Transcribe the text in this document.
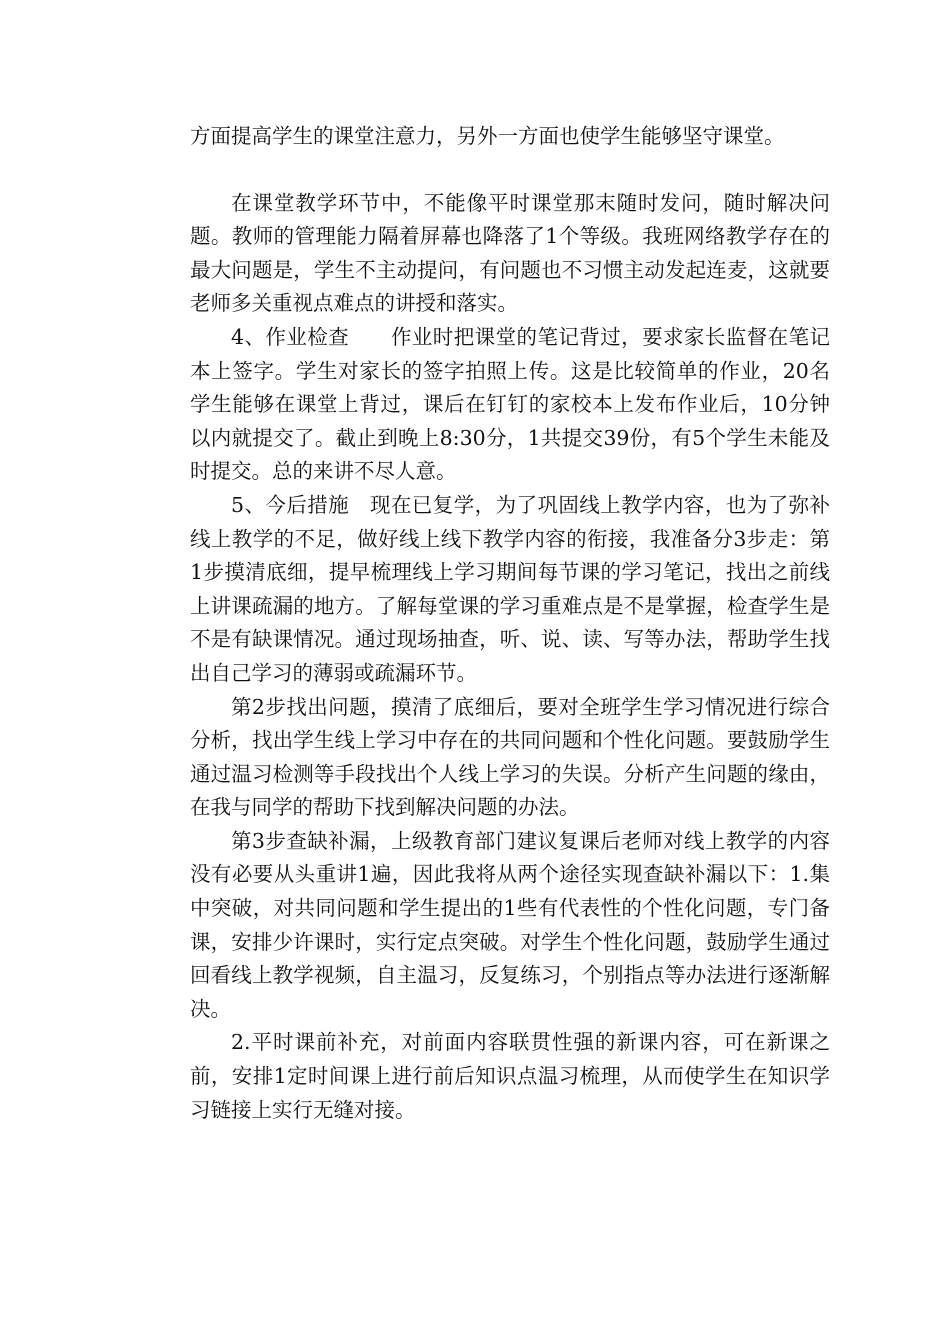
方面提高学生的课堂注意力，另外一方面也使学生能够坚守课堂。

在课堂教学环节中，不能像平时课堂那末随时发问，随时解决问题。教师的管理能力隔着屏幕也降落了1个等级。我班网络教学存在的最大问题是，学生不主动提问，有问题也不习惯主动发起连麦，这就要老师多关重视点难点的讲授和落实。

4、作业检查　　作业时把课堂的笔记背过，要求家长监督在笔记本上签字。学生对家长的签字拍照上传。这是比较简单的作业，20名学生能够在课堂上背过，课后在钉钉的家校本上发布作业后，10分钟以内就提交了。截止到晚上8:30分，1共提交39份，有5个学生未能及时提交。总的来讲不尽人意。

5、今后措施　现在已复学，为了巩固线上教学内容，也为了弥补线上教学的不足，做好线上线下教学内容的衔接，我准备分3步走：第1步摸清底细，提早梳理线上学习期间每节课的学习笔记，找出之前线上讲课疏漏的地方。了解每堂课的学习重难点是不是掌握，检查学生是不是有缺课情况。通过现场抽查，听、说、读、写等办法，帮助学生找出自己学习的薄弱或疏漏环节。

第2步找出问题，摸清了底细后，要对全班学生学习情况进行综合分析，找出学生线上学习中存在的共同问题和个性化问题。要鼓励学生通过温习检测等手段找出个人线上学习的失误。分析产生问题的缘由，在我与同学的帮助下找到解决问题的办法。

第3步查缺补漏，上级教育部门建议复课后老师对线上教学的内容没有必要从头重讲1遍，因此我将从两个途径实现查缺补漏以下：1.集中突破，对共同问题和学生提出的1些有代表性的个性化问题，专门备课，安排少许课时，实行定点突破。对学生个性化问题，鼓励学生通过回看线上教学视频，自主温习，反复练习，个别指点等办法进行逐渐解决。

2.平时课前补充，对前面内容联贯性强的新课内容，可在新课之前，安排1定时间课上进行前后知识点温习梳理，从而使学生在知识学习链接上实行无缝对接。
